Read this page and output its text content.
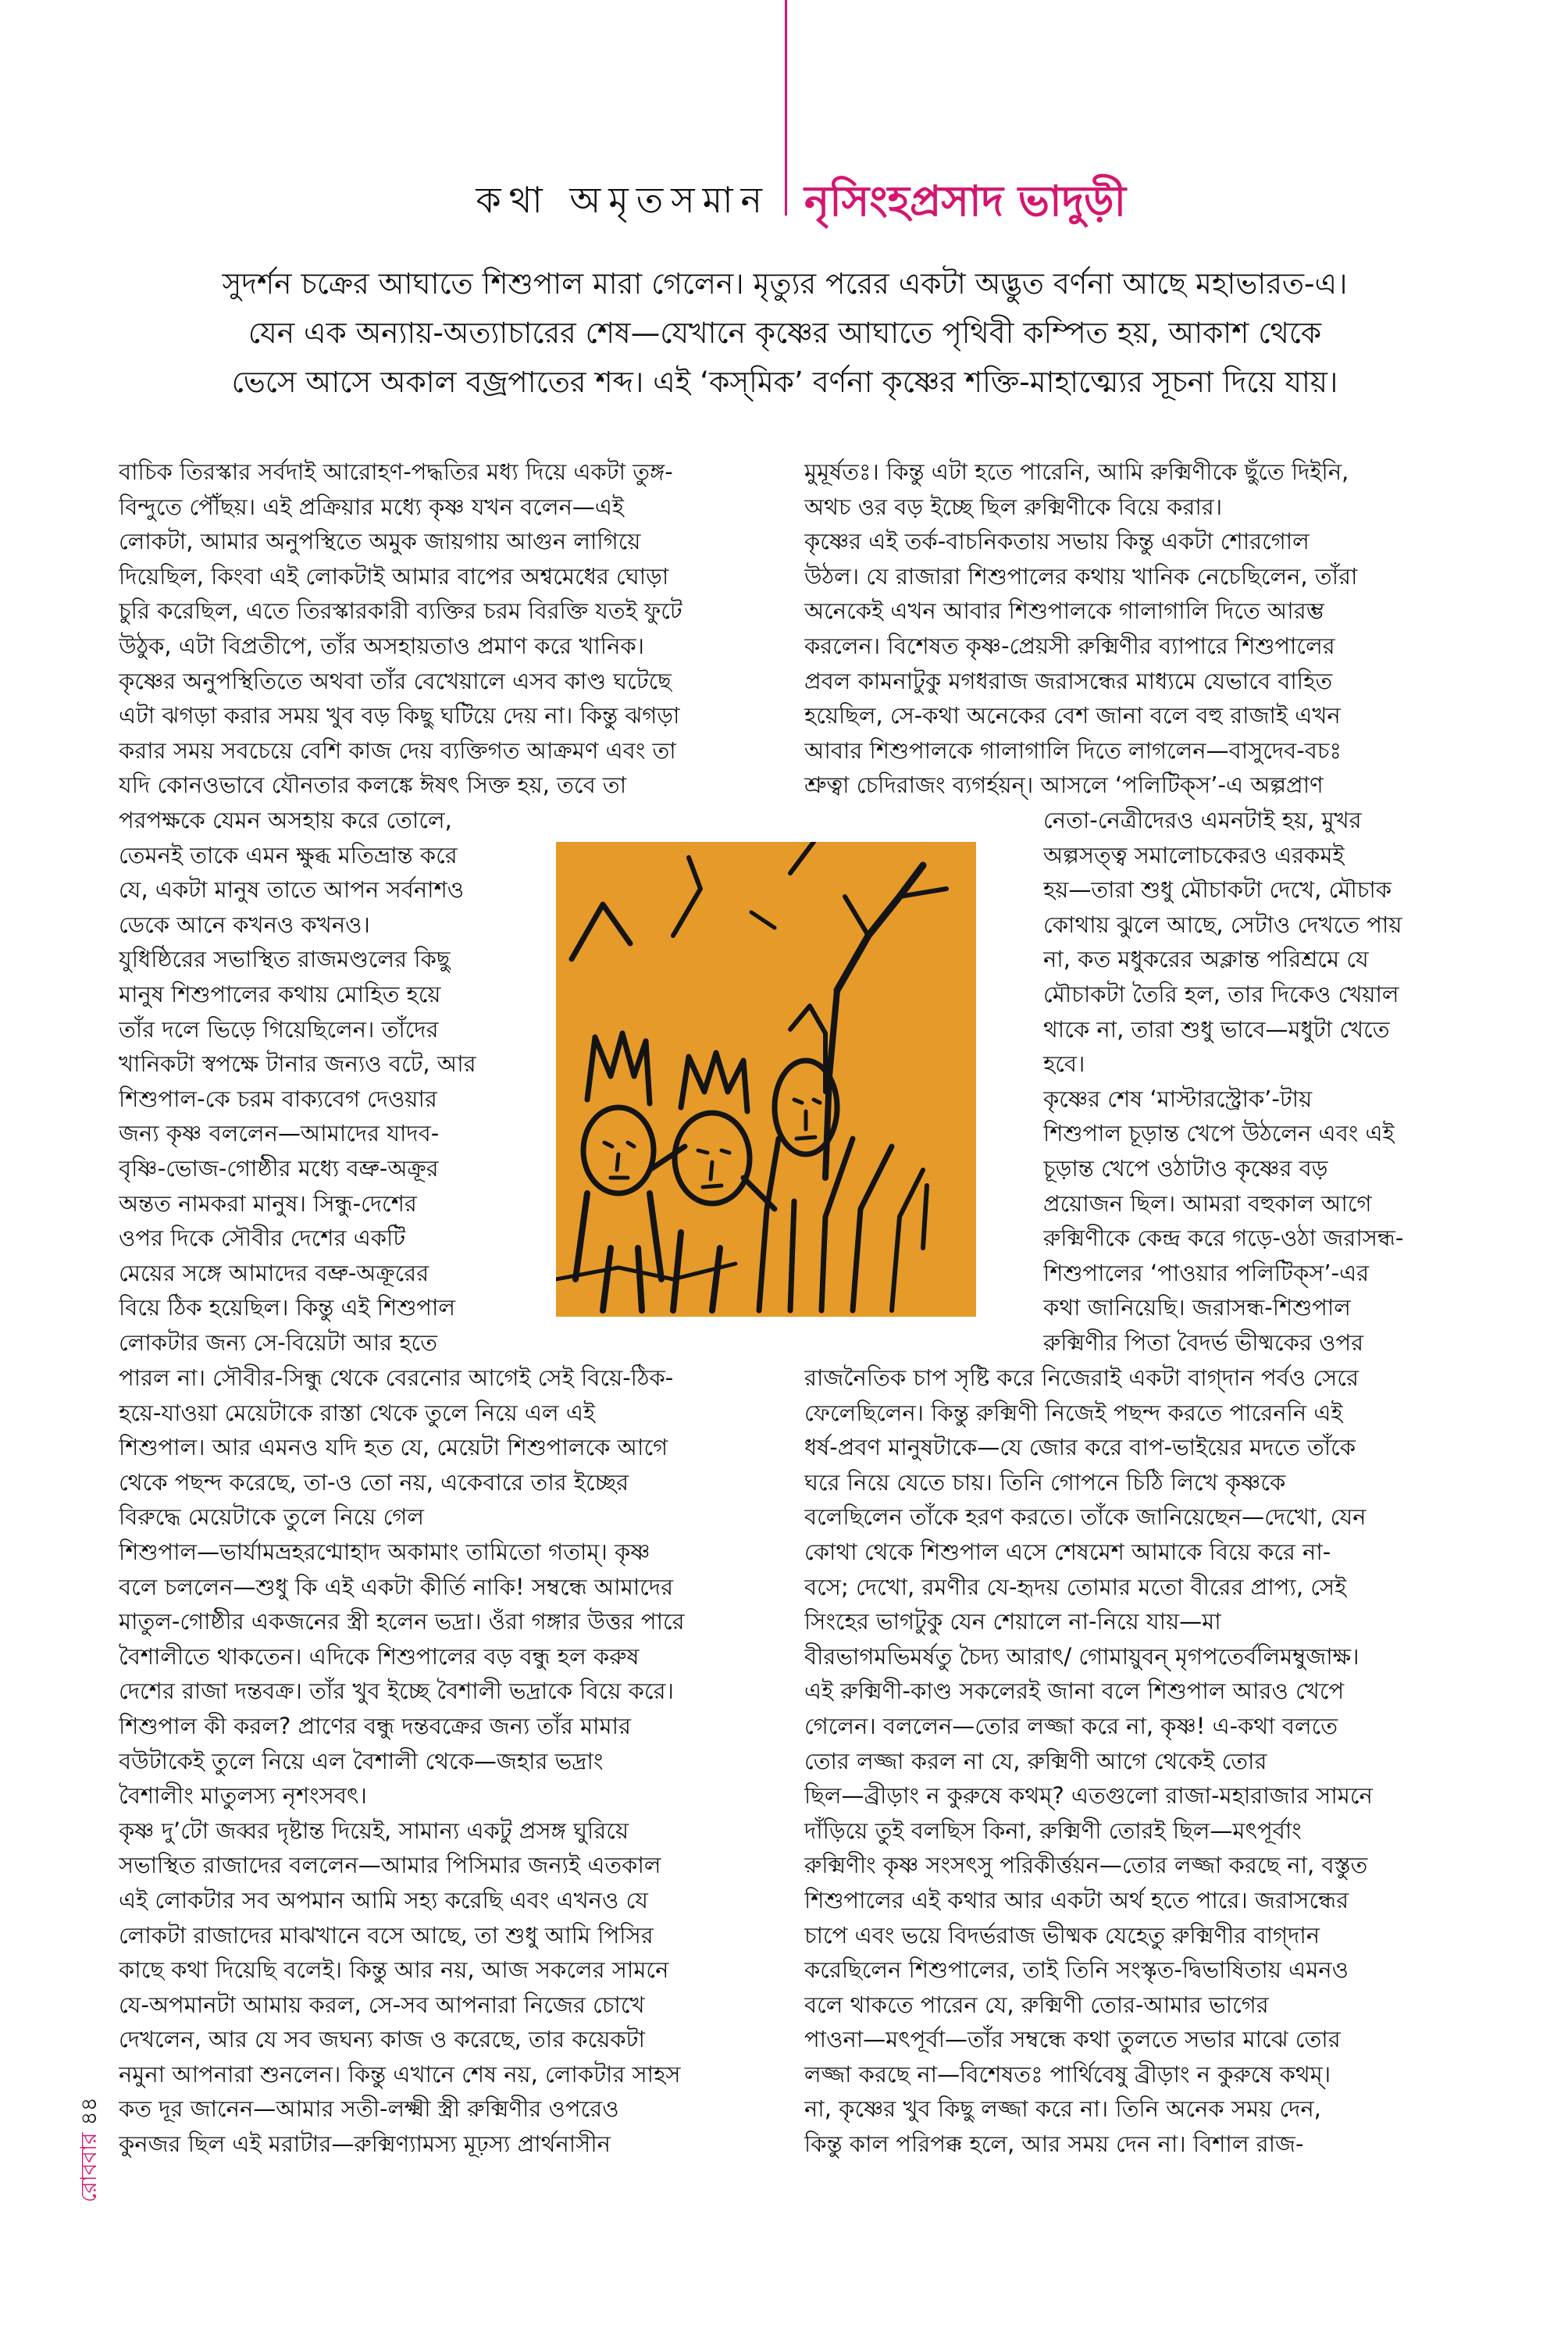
কথা অমৃতসমান নৃসিংহপ্রসাদ ভাদুড়ী
সুদর্শন চক্রের আঘাতে শিশুপাল মারা গেলেন। মৃত্যুর পরের একটা অদ্ভুত বর্ণনা আছে মহাভারত-এ।
যেন এক অন্যায়-অত্যাচারের শেষ—যেখানে কৃষ্ণের আঘাতে পৃথিবী কম্পিত হয়, আকাশ থেকে
ভেসে আসে অকাল বজ্রপাতের শব্দ। এই ‘কস্‌মিক’ বর্ণনা কৃষ্ণের শক্তি-মাহাত্ম্যের সূচনা দিয়ে যায়।
বাচিক তিরস্কার সর্বদাই আরোহণ-পদ্ধতির মধ্য দিয়ে একটা তুঙ্গ-
বিন্দুতে পৌঁছয়। এই প্রক্রিয়ার মধ্যে কৃষ্ণ যখন বলেন—এই
লোকটা, আমার অনুপস্থিতে অমুক জায়গায় আগুন লাগিয়ে
দিয়েছিল, কিংবা এই লোকটাই আমার বাপের অশ্বমেধের ঘোড়া
চুরি করেছিল, এতে তিরস্কারকারী ব্যক্তির চরম বিরক্তি যতই ফুটে
উঠুক, এটা বিপ্রতীপে, তাঁর অসহায়তাও প্রমাণ করে খানিক।
কৃষ্ণের অনুপস্থিতিতে অথবা তাঁর বেখেয়ালে এসব কাণ্ড ঘটেছে
এটা ঝগড়া করার সময় খুব বড় কিছু ঘটিয়ে দেয় না। কিন্তু ঝগড়া
করার সময় সবচেয়ে বেশি কাজ দেয় ব্যক্তিগত আক্রমণ এবং তা
যদি কোনওভাবে যৌনতার কলঙ্কে ঈষৎ সিক্ত হয়, তবে তা
পরপক্ষকে যেমন অসহায় করে তোলে,
তেমনই তাকে এমন ক্ষুব্ধ মতিভ্রান্ত করে
যে, একটা মানুষ তাতে আপন সর্বনাশও
ডেকে আনে কখনও কখনও।
যুধিষ্ঠিরের সভাস্থিত রাজমণ্ডলের কিছু
মানুষ শিশুপালের কথায় মোহিত হয়ে
তাঁর দলে ভিড়ে গিয়েছিলেন। তাঁদের
খানিকটা স্বপক্ষে টানার জন্যও বটে, আর
শিশুপাল-কে চরম বাক্যবেগ দেওয়ার
জন্য কৃষ্ণ বললেন—আমাদের যাদব-
বৃষ্ণি-ভোজ-গোষ্ঠীর মধ্যে বভ্রু-অক্রূর
অন্তত নামকরা মানুষ। সিন্ধু-দেশের
ওপর দিকে সৌবীর দেশের একটি
মেয়ের সঙ্গে আমাদের বভ্রু-অক্রূরের
বিয়ে ঠিক হয়েছিল। কিন্তু এই শিশুপাল
লোকটার জন্য সে-বিয়েটা আর হতে
পারল না। সৌবীর-সিন্ধু থেকে বেরনোর আগেই সেই বিয়ে-ঠিক-
হয়ে-যাওয়া মেয়েটাকে রাস্তা থেকে তুলে নিয়ে এল এই
শিশুপাল। আর এমনও যদি হত যে, মেয়েটা শিশুপালকে আগে
থেকে পছন্দ করেছে, তা-ও তো নয়, একেবারে তার ইচ্ছের
বিরুদ্ধে মেয়েটাকে তুলে নিয়ে গেল
শিশুপাল—ভার্যামভ্রহরণ্মোহাদ অকামাং তামিতো গতাম্‌। কৃষ্ণ
বলে চললেন—শুধু কি এই একটা কীর্তি নাকি! সম্বন্ধে আমাদের
মাতুল-গোষ্ঠীর একজনের স্ত্রী হলেন ভদ্রা। ওঁরা গঙ্গার উত্তর পারে
বৈশালীতে থাকতেন। এদিকে শিশুপালের বড় বন্ধু হল করুষ
দেশের রাজা দন্তবক্র। তাঁর খুব ইচ্ছে বৈশালী ভদ্রাকে বিয়ে করে।
শিশুপাল কী করল? প্রাণের বন্ধু দন্তবক্রের জন্য তাঁর মামার
বউটাকেই তুলে নিয়ে এল বৈশালী থেকে—জহার ভদ্রাং
বৈশালীং মাতুলস্য নৃশংসবৎ।
কৃষ্ণ দু’টো জব্বর দৃষ্টান্ত দিয়েই, সামান্য একটু প্রসঙ্গ ঘুরিয়ে
সভাস্থিত রাজাদের বললেন—আমার পিসিমার জন্যই এতকাল
এই লোকটার সব অপমান আমি সহ্য করেছি এবং এখনও যে
লোকটা রাজাদের মাঝখানে বসে আছে, তা শুধু আমি পিসির
কাছে কথা দিয়েছি বলেই। কিন্তু আর নয়, আজ সকলের সামনে
যে-অপমানটা আমায় করল, সে-সব আপনারা নিজের চোখে
দেখলেন, আর যে সব জঘন্য কাজ ও করেছে, তার কয়েকটা
নমুনা আপনারা শুনলেন। কিন্তু এখানে শেষ নয়, লোকটার সাহস
কত দূর জানেন—আমার সতী-লক্ষ্মী স্ত্রী রুক্মিণীর ওপরেও
কুনজর ছিল এই মরাটার—রুক্মিণ্যামস্য মূঢ়স্য প্রার্থনাসীন
মুমূর্ষতঃ। কিন্তু এটা হতে পারেনি, আমি রুক্মিণীকে ছুঁতে দিইনি,
অথচ ওর বড় ইচ্ছে ছিল রুক্মিণীকে বিয়ে করার।
কৃষ্ণের এই তর্ক-বাচনিকতায় সভায় কিন্তু একটা শোরগোল
উঠল। যে রাজারা শিশুপালের কথায় খানিক নেচেছিলেন, তাঁরা
অনেকেই এখন আবার শিশুপালকে গালাগালি দিতে আরম্ভ
করলেন। বিশেষত কৃষ্ণ-প্রেয়সী রুক্মিণীর ব্যাপারে শিশুপালের
প্রবল কামনাটুকু মগধরাজ জরাসন্ধের মাধ্যমে যেভাবে বাহিত
হয়েছিল, সে-কথা অনেকের বেশ জানা বলে বহু রাজাই এখন
আবার শিশুপালকে গালাগালি দিতে লাগলেন—বাসুদেব-বচঃ
শ্রুত্বা চেদিরাজং ব্যগর্হয়ন্‌। আসলে ‘পলিটিক্‌স’-এ অল্পপ্রাণ
নেতা-নেত্রীদেরও এমনটাই হয়, মুখর
অল্পসত্ত্ব সমালোচকেরও এরকমই
হয়—তারা শুধু মৌচাকটা দেখে, মৌচাক
কোথায় ঝুলে আছে, সেটাও দেখতে পায়
না, কত মধুকরের অক্লান্ত পরিশ্রমে যে
মৌচাকটা তৈরি হল, তার দিকেও খেয়াল
থাকে না, তারা শুধু ভাবে—মধুটা খেতে
হবে।
কৃষ্ণের শেষ ‘মাস্টারস্ট্রোক’-টায়
শিশুপাল চূড়ান্ত খেপে উঠলেন এবং এই
চূড়ান্ত খেপে ওঠাটাও কৃষ্ণের বড়
প্রয়োজন ছিল। আমরা বহুকাল আগে
রুক্মিণীকে কেন্দ্র করে গড়ে-ওঠা জরাসন্ধ-
শিশুপালের ‘পাওয়ার পলিটিক্‌স’-এর
কথা জানিয়েছি। জরাসন্ধ-শিশুপাল
রুক্মিণীর পিতা বৈদর্ভ ভীষ্মকের ওপর
রাজনৈতিক চাপ সৃষ্টি করে নিজেরাই একটা বাগ্‌দান পর্বও সেরে
ফেলেছিলেন। কিন্তু রুক্মিণী নিজেই পছন্দ করতে পারেননি এই
ধর্ষ-প্রবণ মানুষটাকে—যে জোর করে বাপ-ভাইয়ের মদতে তাঁকে
ঘরে নিয়ে যেতে চায়। তিনি গোপনে চিঠি লিখে কৃষ্ণকে
বলেছিলেন তাঁকে হরণ করতে। তাঁকে জানিয়েছেন—দেখো, যেন
কোথা থেকে শিশুপাল এসে শেষমেশ আমাকে বিয়ে করে না-
বসে; দেখো, রমণীর যে-হৃদয় তোমার মতো বীরের প্রাপ্য, সেই
সিংহের ভাগটুকু যেন শেয়ালে না-নিয়ে যায়—মা
বীরভাগমভিমর্ষতু চৈদ্য আরাৎ/ গোমায়ুবন্‌ মৃগপতের্বলিমম্বুজাক্ষ।
এই রুক্মিণী-কাণ্ড সকলেরই জানা বলে শিশুপাল আরও খেপে
গেলেন। বললেন—তোর লজ্জা করে না, কৃষ্ণ! এ-কথা বলতে
তোর লজ্জা করল না যে, রুক্মিণী আগে থেকেই তোর
ছিল—ব্রীড়াং ন কুরুষে কথম্‌? এতগুলো রাজা-মহারাজার সামনে
দাঁড়িয়ে তুই বলছিস কিনা, রুক্মিণী তোরই ছিল—মৎপূর্বাং
রুক্মিণীং কৃষ্ণ সংসৎসু পরিকীর্ত্তয়ন—তোর লজ্জা করছে না, বস্তুত
শিশুপালের এই কথার আর একটা অর্থ হতে পারে। জরাসন্ধের
চাপে এবং ভয়ে বিদর্ভরাজ ভীষ্মক যেহেতু রুক্মিণীর বাগ্‌দান
করেছিলেন শিশুপালের, তাই তিনি সংস্কৃত-দ্বিভাষিতায় এমনও
বলে থাকতে পারেন যে, রুক্মিণী তোর-আমার ভাগের
পাওনা—মৎপূর্বা—তাঁর সম্বন্ধে কথা তুলতে সভার মাঝে তোর
লজ্জা করছে না—বিশেষতঃ পার্থিবেষু ব্রীড়াং ন কুরুষে কথম্‌।
না, কৃষ্ণের খুব কিছু লজ্জা করে না। তিনি অনেক সময় দেন,
কিন্তু কাল পরিপক্ক হলে, আর সময় দেন না। বিশাল রাজ-
রোববার ৪৪
